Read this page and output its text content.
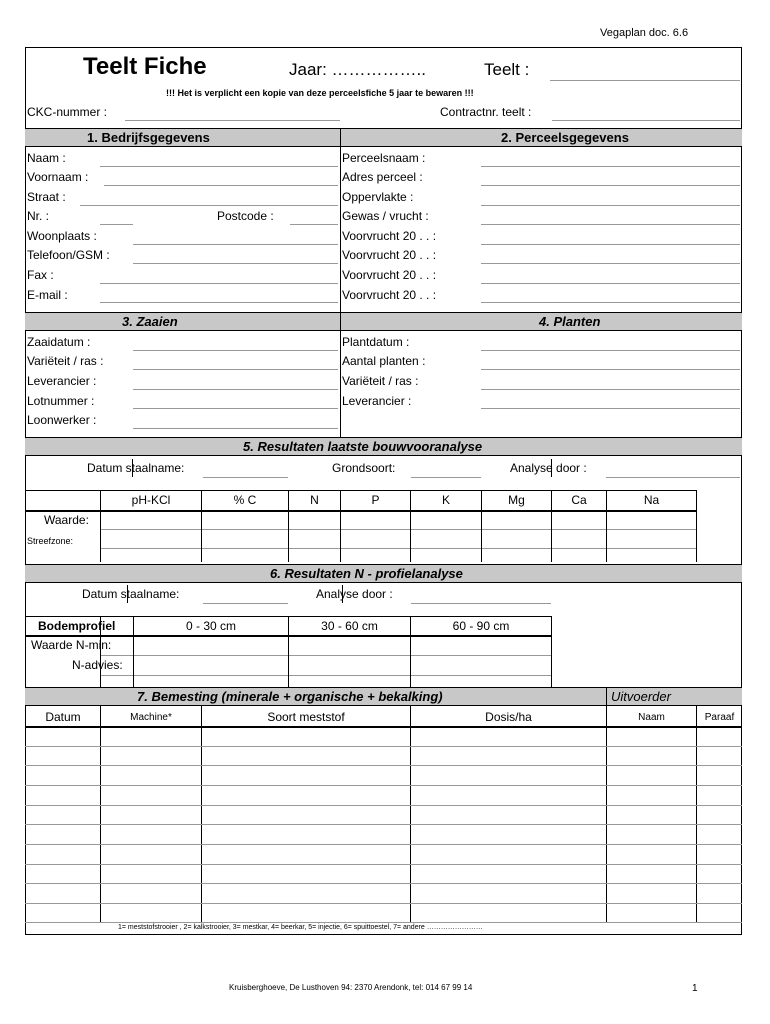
Vegaplan doc. 6.6
Teelt Fiche	Jaar: ……………..	Teelt :
!!! Het is verplicht een kopie van deze perceelsfiche 5 jaar te bewaren !!!
CKC-nummer :	Contractnr. teelt :
1. Bedrijfsgegevens	2. Perceelsgegevens
Naam :
Voornaam :
Straat :
Nr. :	Postcode :
Woonplaats :
Telefoon/GSM :
Fax :
E-mail :
Perceelsnaam :
Adres perceel :
Oppervlakte :
Gewas / vrucht :
Voorvrucht 20 . . :
Voorvrucht 20 . . :
Voorvrucht 20 . . :
Voorvrucht 20 . . :
3. Zaaien	4. Planten
Zaaidatum :
Variëteit / ras :
Leverancier :
Lotnummer :
Loonwerker :
Plantdatum :
Aantal planten :
Variëteit / ras :
Leverancier :
5. Resultaten laatste bouwvooranalyse
Datum staalname:	Grondsoort:	Analyse door :
pH-KCl	% C	N	P	K	Mg	Ca	Na
Waarde:
Streefzone:
6. Resultaten N - profielanalyse
Datum staalname:	Analyse door :
Bodemprofiel	0 - 30 cm	30 - 60 cm	60 - 90 cm
Waarde N-min:
N-advies:
7. Bemesting (minerale + organische + bekalking)	Uitvoerder
Datum	Machine*	Soort meststof	Dosis/ha	Naam	Paraaf
1= meststofstrooier , 2= kalkstrooier, 3= mestkar, 4= beerkar, 5= injectie, 6= spuittoestel, 7= andere ……………………
Kruisberghoeve, De Lusthoven 94: 2370 Arendonk, tel: 014 67 99 14	1
